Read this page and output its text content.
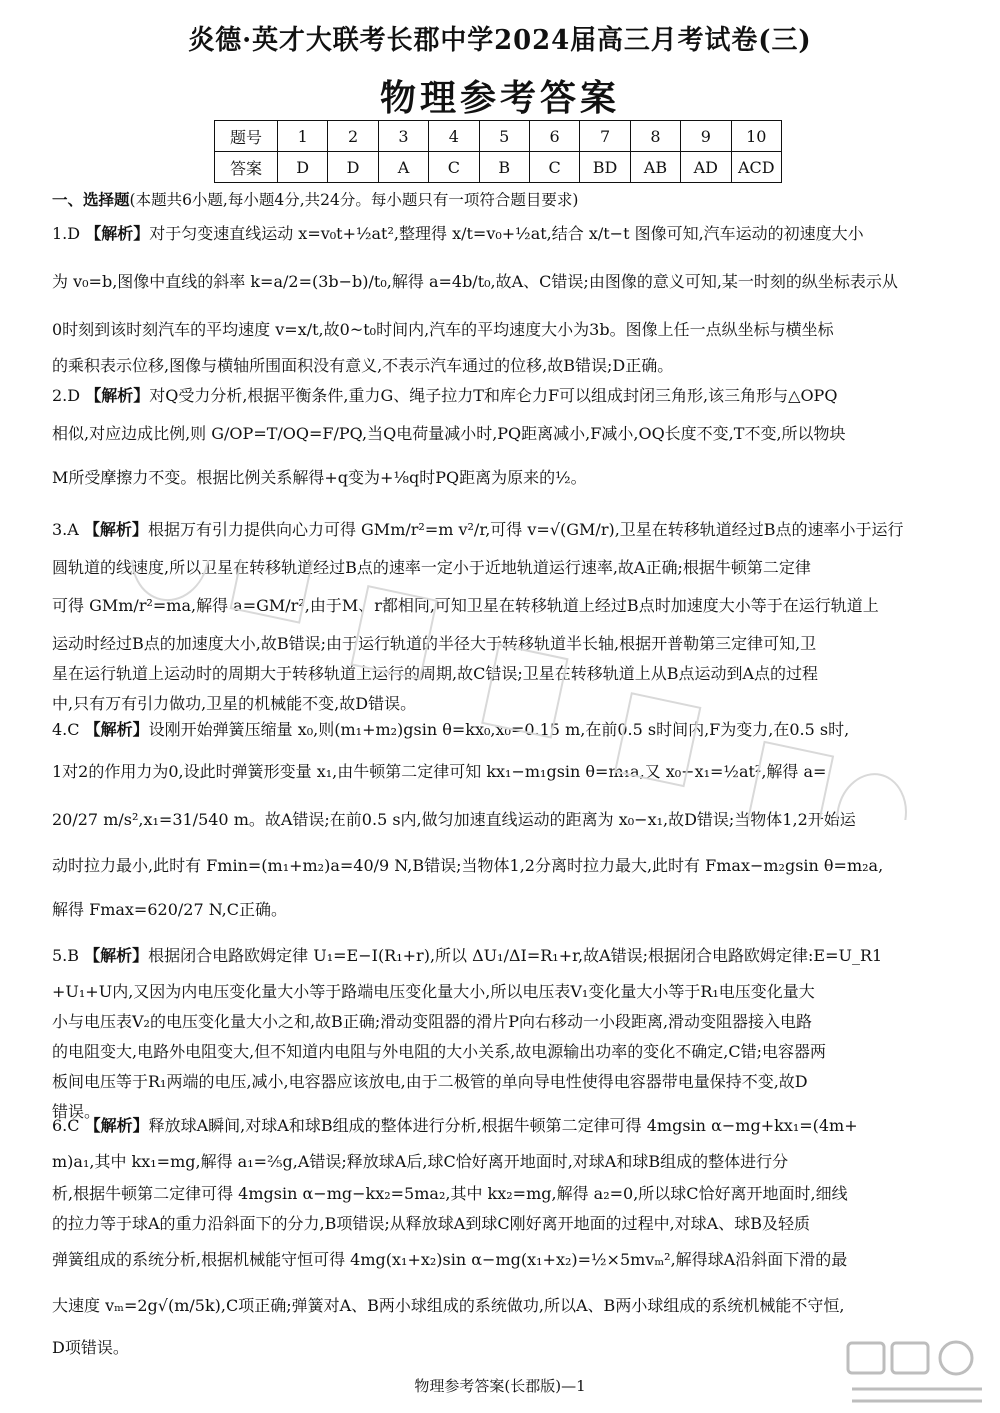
炎德·英才大联考长郡中学2024届高三月考试卷(三)
物理参考答案
题号	1	2	3	4	5	6	7	8	9	10
答案	D	D	A	C	B	C	BD	AB	AD	ACD
一、选择题(本题共6小题,每小题4分,共24分。每小题只有一项符合题目要求)
1.D 【解析】对于匀变速直线运动 x=v₀t+½at²,整理得 x/t=v₀+½at,结合 x/t−t 图像可知,汽车运动的初速度大小
为 v₀=b,图像中直线的斜率 k=a/2=(3b−b)/t₀,解得 a=4b/t₀,故A、C错误;由图像的意义可知,某一时刻的纵坐标表示从
0时刻到该时刻汽车的平均速度 v=x/t,故0~t₀时间内,汽车的平均速度大小为3b。图像上任一点纵坐标与横坐标
的乘积表示位移,图像与横轴所围面积没有意义,不表示汽车通过的位移,故B错误;D正确。
2.D 【解析】对Q受力分析,根据平衡条件,重力G、绳子拉力T和库仑力F可以组成封闭三角形,该三角形与△OPQ
相似,对应边成比例,则 G/OP=T/OQ=F/PQ,当Q电荷量减小时,PQ距离减小,F减小,OQ长度不变,T不变,所以物块
M所受摩擦力不变。根据比例关系解得+q变为+⅛q时PQ距离为原来的½。
3.A 【解析】根据万有引力提供向心力可得 GMm/r²=m v²/r,可得 v=√(GM/r),卫星在转移轨道经过B点的速率小于运行
圆轨道的线速度,所以卫星在转移轨道经过B点的速率一定小于近地轨道运行速率,故A正确;根据牛顿第二定律
可得 GMm/r²=ma,解得 a=GM/r²,由于M、r都相同,可知卫星在转移轨道上经过B点时加速度大小等于在运行轨道上
运动时经过B点的加速度大小,故B错误;由于运行轨道的半径大于转移轨道半长轴,根据开普勒第三定律可知,卫
星在运行轨道上运动时的周期大于转移轨道上运行的周期,故C错误;卫星在转移轨道上从B点运动到A点的过程
中,只有万有引力做功,卫星的机械能不变,故D错误。
4.C 【解析】设刚开始弹簧压缩量 x₀,则(m₁+m₂)gsin θ=kx₀,x₀=0.15 m,在前0.5 s时间内,F为变力,在0.5 s时,
1对2的作用力为0,设此时弹簧形变量 x₁,由牛顿第二定律可知 kx₁−m₁gsin θ=m₁a,又 x₀−x₁=½at²,解得 a=
20/27 m/s²,x₁=31/540 m。故A错误;在前0.5 s内,做匀加速直线运动的距离为 x₀−x₁,故D错误;当物体1,2开始运
动时拉力最小,此时有 Fmin=(m₁+m₂)a=40/9 N,B错误;当物体1,2分离时拉力最大,此时有 Fmax−m₂gsin θ=m₂a,
解得 Fmax=620/27 N,C正确。
5.B 【解析】根据闭合电路欧姆定律 U₁=E−I(R₁+r),所以 ΔU₁/ΔI=R₁+r,故A错误;根据闭合电路欧姆定律:E=U_R1
+U₁+U内,又因为内电压变化量大小等于路端电压变化量大小,所以电压表V₁变化量大小等于R₁电压变化量大
小与电压表V₂的电压变化量大小之和,故B正确;滑动变阻器的滑片P向右移动一小段距离,滑动变阻器接入电路
的电阻变大,电路外电阻变大,但不知道内电阻与外电阻的大小关系,故电源输出功率的变化不确定,C错;电容器两
板间电压等于R₁两端的电压,减小,电容器应该放电,由于二极管的单向导电性使得电容器带电量保持不变,故D
错误。
6.C 【解析】释放球A瞬间,对球A和球B组成的整体进行分析,根据牛顿第二定律可得 4mgsin α−mg+kx₁=(4m+
m)a₁,其中 kx₁=mg,解得 a₁=⅖g,A错误;释放球A后,球C恰好离开地面时,对球A和球B组成的整体进行分
析,根据牛顿第二定律可得 4mgsin α−mg−kx₂=5ma₂,其中 kx₂=mg,解得 a₂=0,所以球C恰好离开地面时,细线
的拉力等于球A的重力沿斜面下的分力,B项错误;从释放球A到球C刚好离开地面的过程中,对球A、球B及轻质
弹簧组成的系统分析,根据机械能守恒可得 4mg(x₁+x₂)sin α−mg(x₁+x₂)=½×5mvₘ²,解得球A沿斜面下滑的最
大速度 vₘ=2g√(m/5k),C项正确;弹簧对A、B两小球组成的系统做功,所以A、B两小球组成的系统机械能不守恒,
D项错误。
物理参考答案(长郡版)—1
